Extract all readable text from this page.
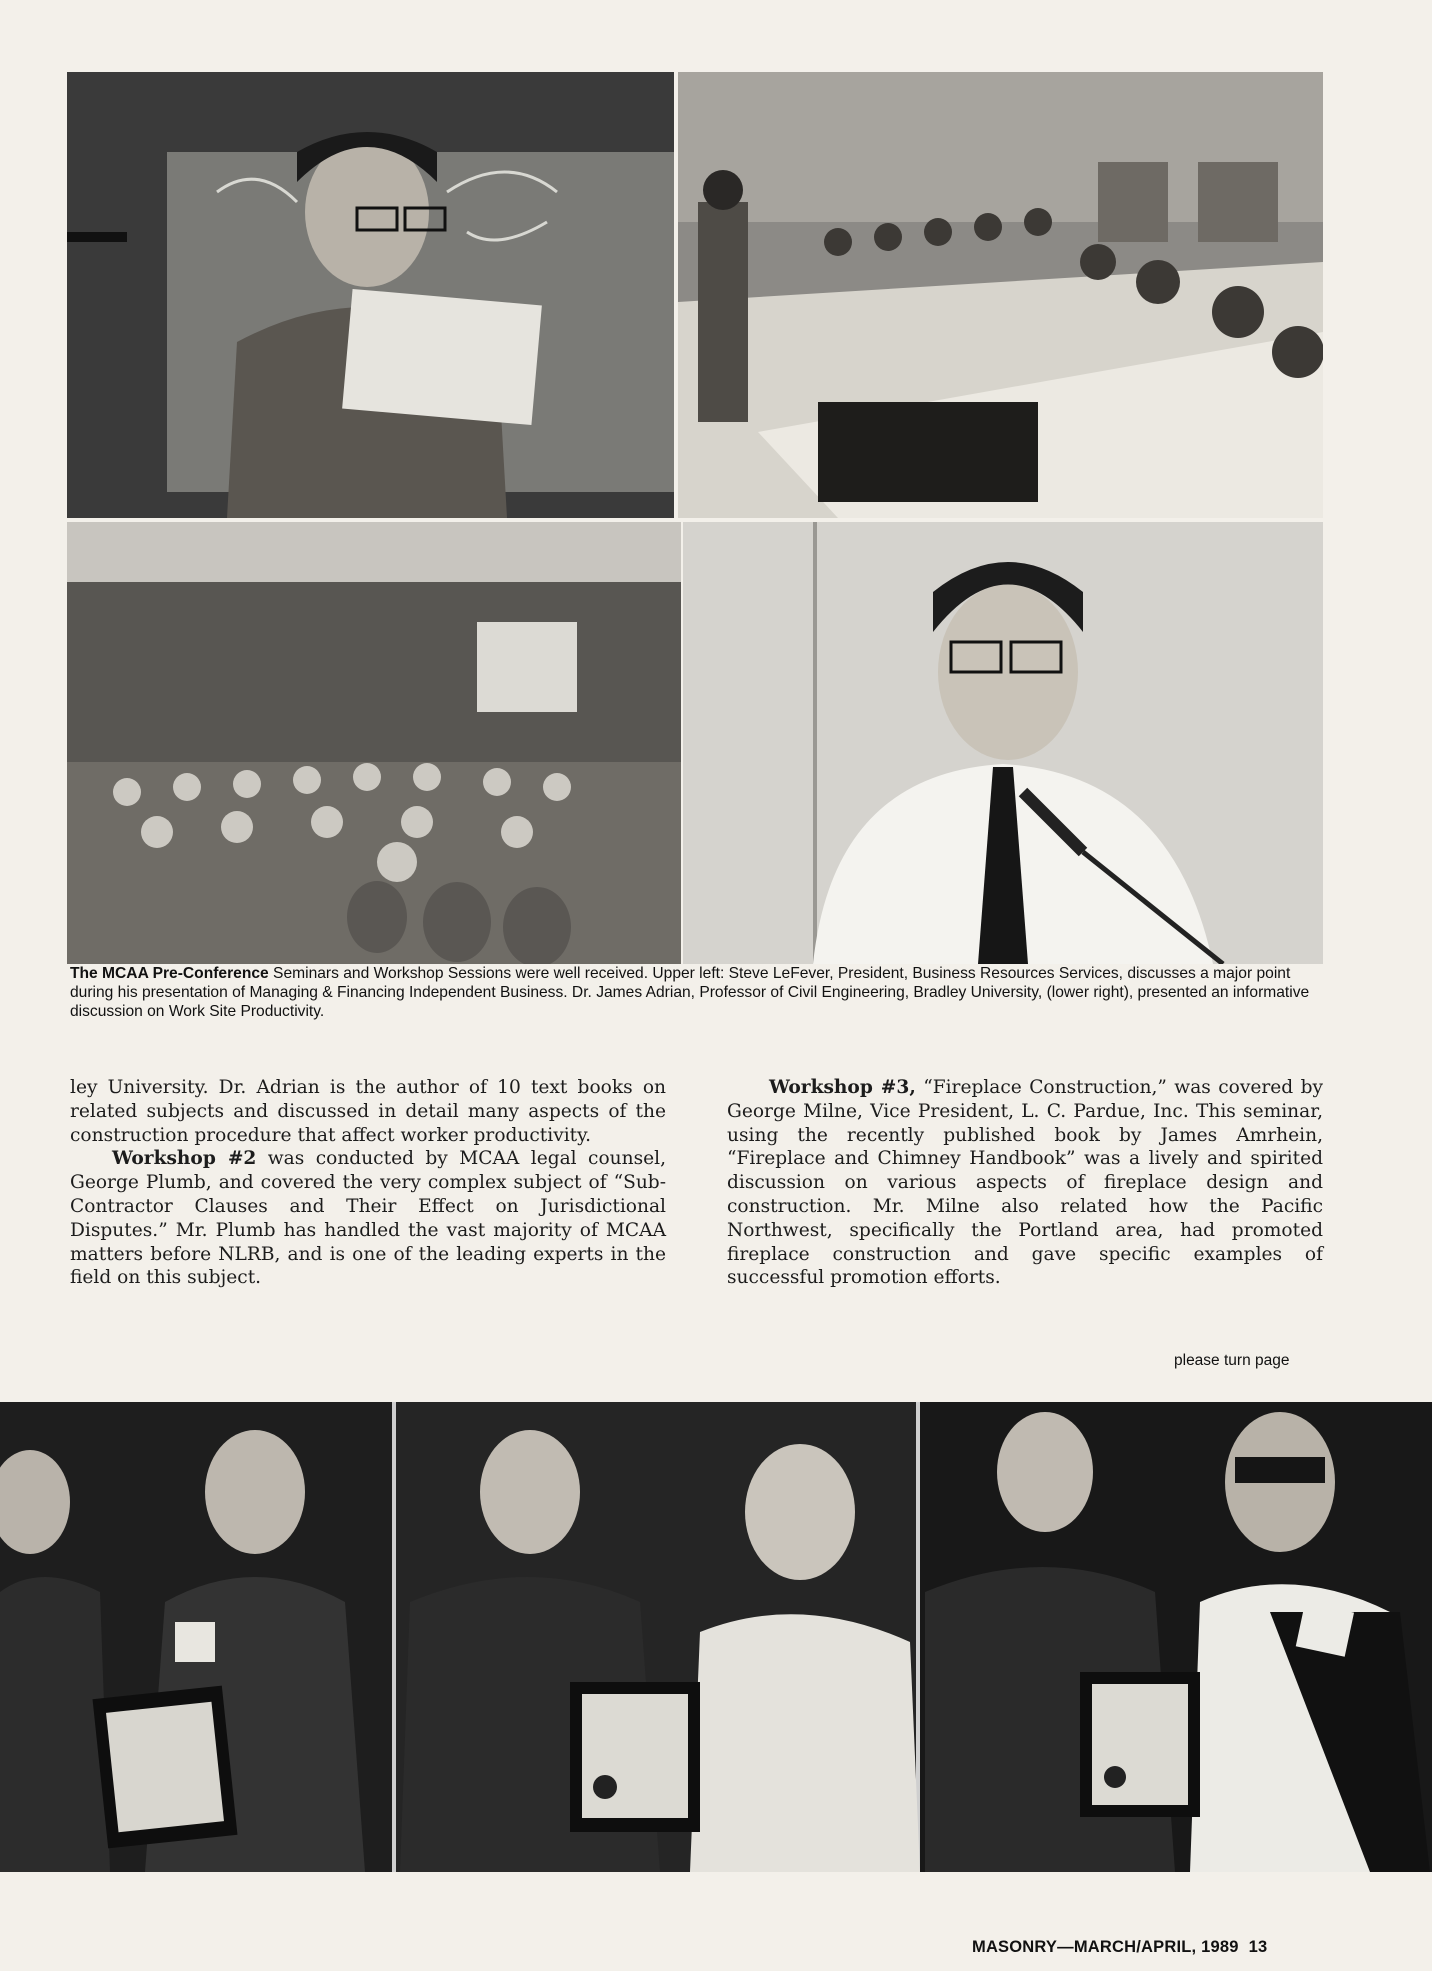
The MCAA Pre-Conference Seminars and Workshop Sessions were well received. Upper left: Steve LeFever, President, Business Resources Services, discusses a major point during his presentation of Managing & Financing Independent Business. Dr. James Adrian, Professor of Civil Engineering, Bradley University, (lower right), presented an informative discussion on Work Site Productivity.

ley University. Dr. Adrian is the author of 10 text books on related subjects and discussed in detail many aspects of the construction procedure that affect worker productivity.

Workshop #2 was conducted by MCAA legal counsel, George Plumb, and covered the very complex subject of “Sub-Contractor Clauses and Their Effect on Jurisdictional Disputes.” Mr. Plumb has handled the vast majority of MCAA matters before NLRB, and is one of the leading experts in the field on this subject.

Workshop #3, “Fireplace Construction,” was covered by George Milne, Vice President, L. C. Pardue, Inc. This seminar, using the recently published book by James Amrhein, “Fireplace and Chimney Handbook” was a lively and spirited discussion on various aspects of fireplace design and construction. Mr. Milne also related how the Pacific Northwest, specifically the Portland area, had promoted fireplace construction and gave specific examples of successful promotion efforts.

please turn page
MASONRY—MARCH/APRIL, 1989 13
